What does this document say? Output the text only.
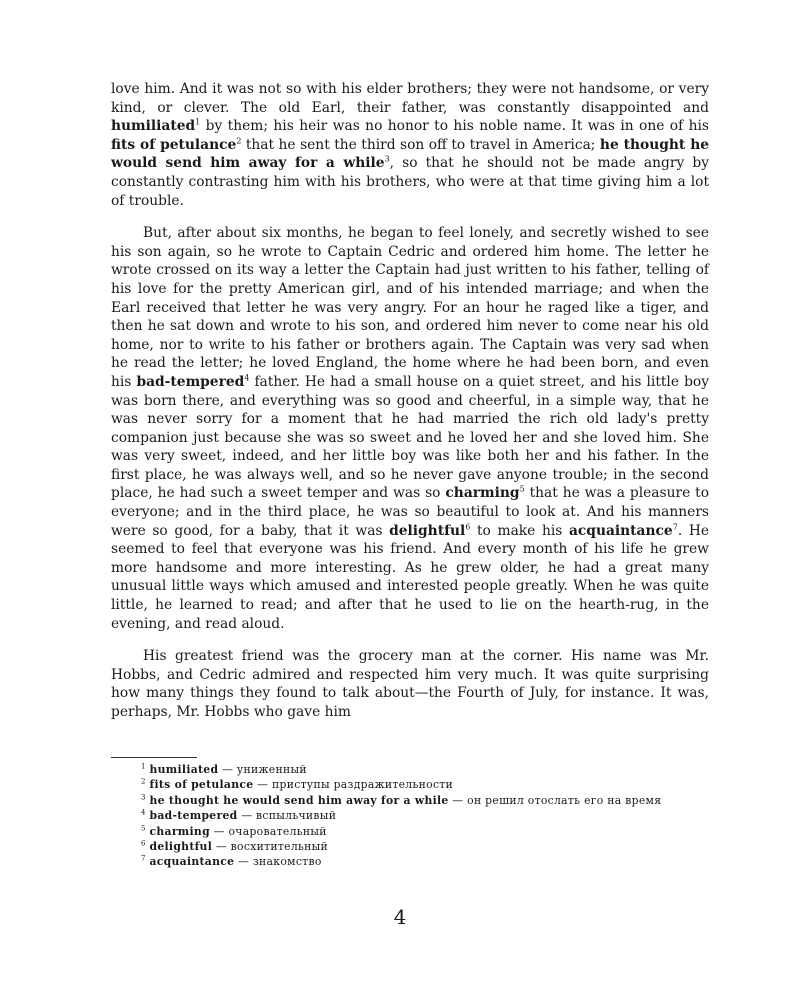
love him. And it was not so with his elder brothers; they were not handsome, or very kind, or clever. The old Earl, their father, was constantly disappointed and humiliated$^1$ by them; his heir was no honor to his noble name. It was in one of his fits of petulance$^2$ that he sent the third son off to travel in America; he thought he would send him away for a while$^3$, so that he should not be made angry by constantly contrasting him with his brothers, who were at that time giving him a lot of trouble.

But, after about six months, he began to feel lonely, and secretly wished to see his son again, so he wrote to Captain Cedric and ordered him home. The letter he wrote crossed on its way a letter the Captain had just written to his father, telling of his love for the pretty American girl, and of his intended marriage; and when the Earl received that letter he was very angry. For an hour he raged like a tiger, and then he sat down and wrote to his son, and ordered him never to come near his old home, nor to write to his father or brothers again. The Captain was very sad when he read the letter; he loved England, the home where he had been born, and even his bad-tempered$^4$ father. He had a small house on a quiet street, and his little boy was born there, and everything was so good and cheerful, in a simple way, that he was never sorry for a moment that he had married the rich old lady's pretty companion just because she was so sweet and he loved her and she loved him. She was very sweet, indeed, and her little boy was like both her and his father. In the first place, he was always well, and so he never gave anyone trouble; in the second place, he had such a sweet temper and was so charming$^5$ that he was a pleasure to everyone; and in the third place, he was so beautiful to look at. And his manners were so good, for a baby, that it was delightful$^6$ to make his acquaintance$^7$. He seemed to feel that everyone was his friend. And every month of his life he grew more handsome and more interesting. As he grew older, he had a great many unusual little ways which amused and interested people greatly. When he was quite little, he learned to read; and after that he used to lie on the hearth-rug, in the evening, and read aloud.

His greatest friend was the grocery man at the corner. His name was Mr. Hobbs, and Cedric admired and respected him very much. It was quite surprising how many things they found to talk about—the Fourth of July, for instance. It was, perhaps, Mr. Hobbs who gave him

$^1$ humiliated — униженный

$^2$ fits of petulance — приступы раздражительности

$^3$ he thought he would send him away for a while — он решил отослать его на время

$^4$ bad-tempered — вспыльчивый

$^5$ charming — очаровательный

$^6$ delightful — восхитительный

$^7$ acquaintance — знакомство

4
